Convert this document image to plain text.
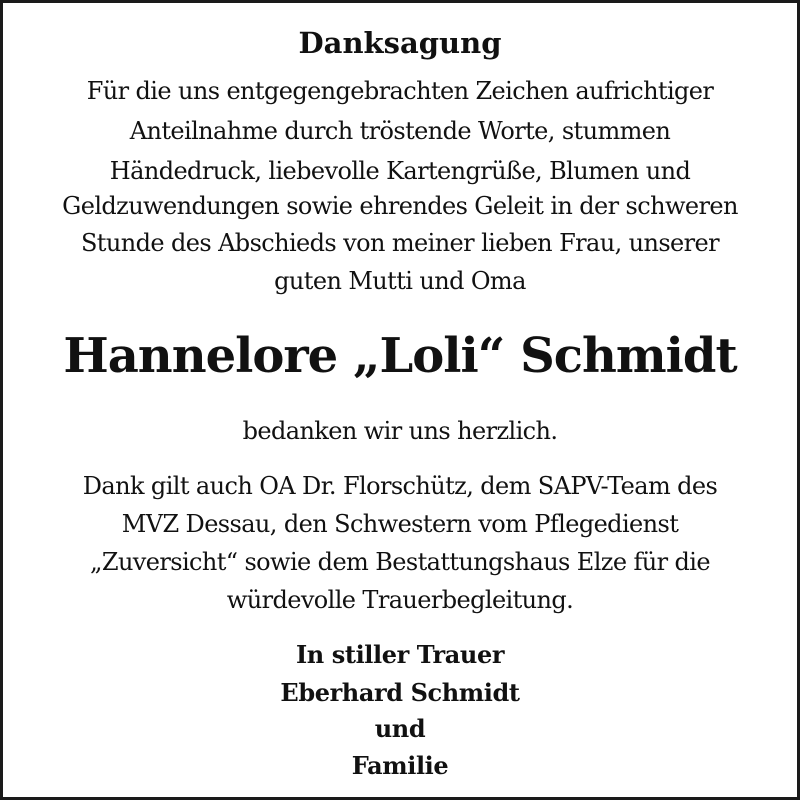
Danksagung
Für die uns entgegengebrachten Zeichen aufrichtiger
Anteilnahme durch tröstende Worte, stummen
Händedruck, liebevolle Kartengrüße, Blumen und
Geldzuwendungen sowie ehrendes Geleit in der schweren
Stunde des Abschieds von meiner lieben Frau, unserer
guten Mutti und Oma
Hannelore „Loli“ Schmidt
bedanken wir uns herzlich.
Dank gilt auch OA Dr. Florschütz, dem SAPV-Team des
MVZ Dessau, den Schwestern vom Pflegedienst
„Zuversicht“ sowie dem Bestattungshaus Elze für die
würdevolle Trauerbegleitung.
In stiller Trauer
Eberhard Schmidt
und
Familie
